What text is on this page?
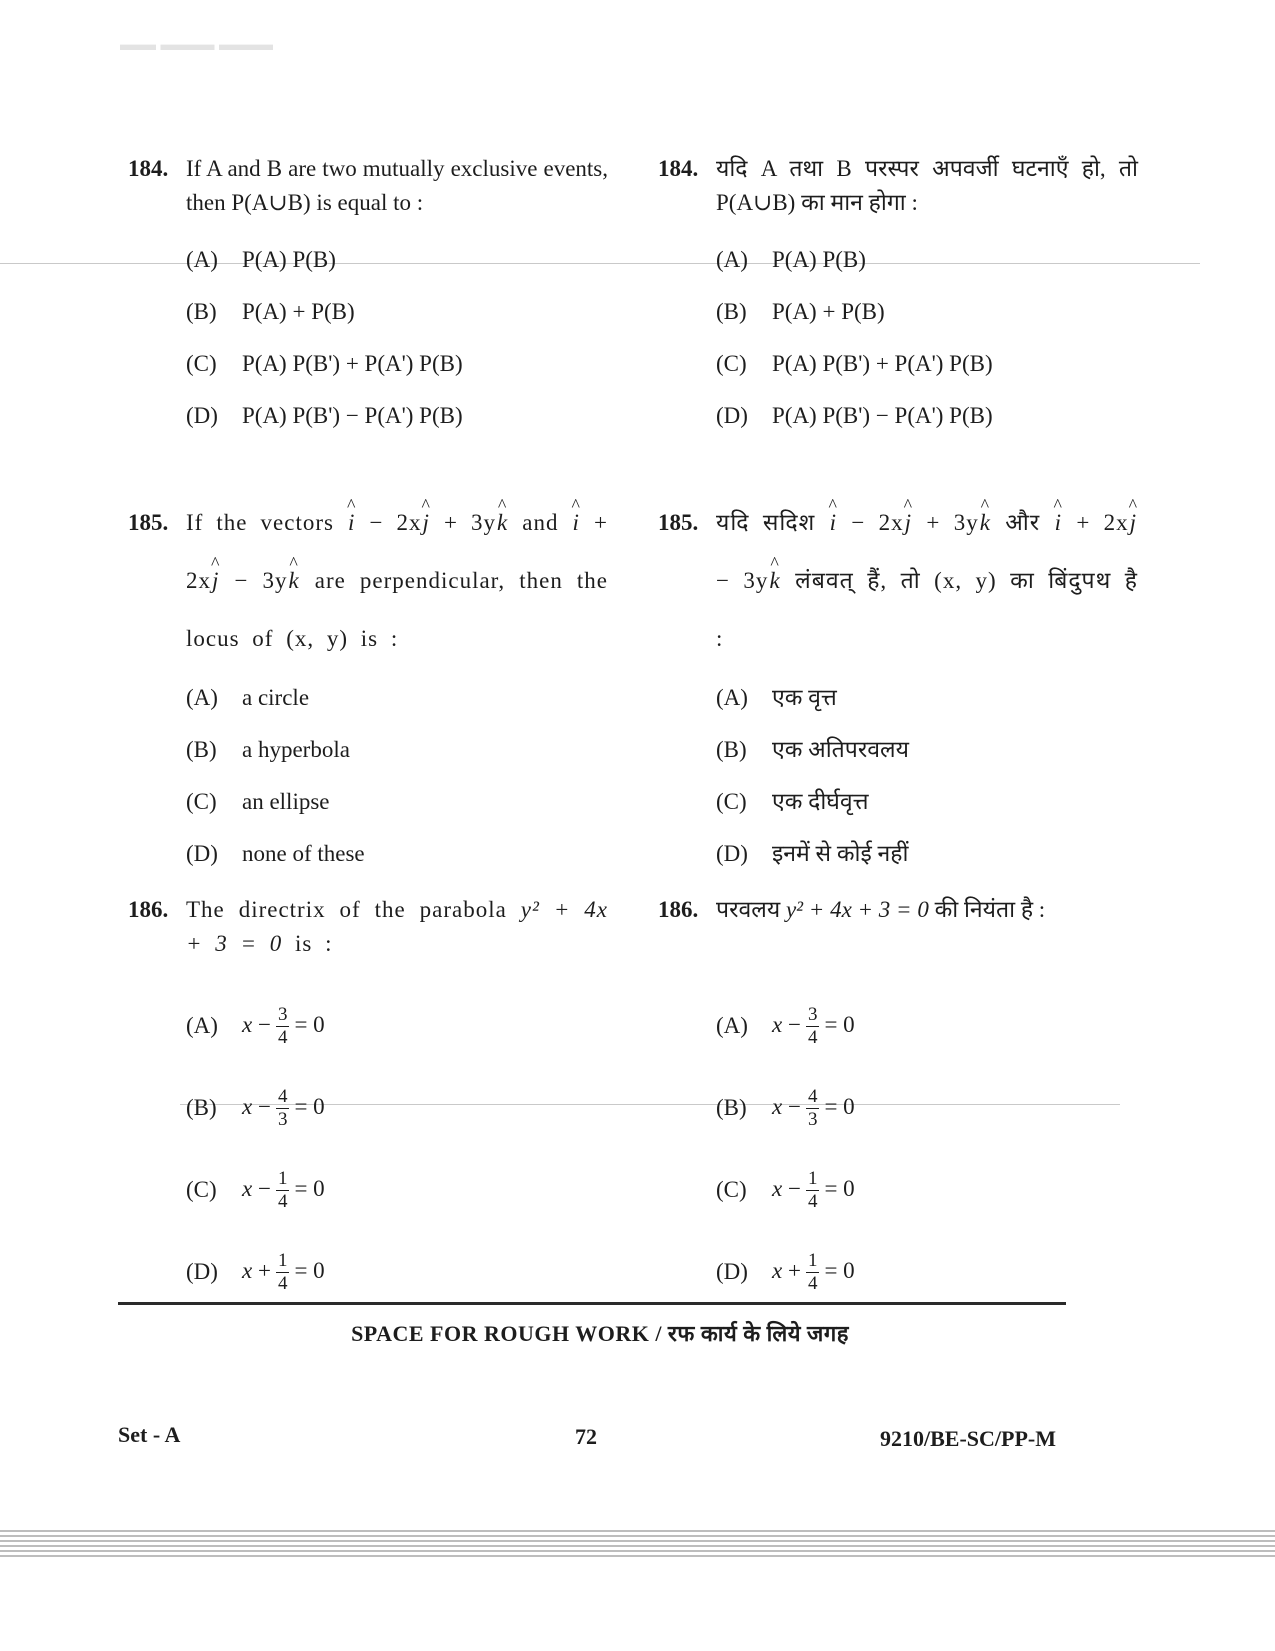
▬▬ ▬▬▬ ▬▬▬
184. If A and B are two mutually exclusive events, then P(A∪B) is equal to :
(A)	P(A) P(B)
(B)	P(A) + P(B)
(C)	P(A) P(B') + P(A') P(B)
(D)	P(A) P(B') − P(A') P(B)
184. यदि A तथा B परस्पर अपवर्जी घटनाएँ हो, तो P(A∪B) का मान होगा :
(A)	P(A) P(B)
(B)	P(A) + P(B)
(C)	P(A) P(B') + P(A') P(B)
(D)	P(A) P(B') − P(A') P(B)
185. If the vectors ^ i − 2x^ j + 3y^ k and ^ i + 2x^ j − 3y^ k are perpendicular, then the locus of (x, y) is :
(A)	a circle
(B)	a hyperbola
(C)	an ellipse
(D)	none of these
185. यदि सदिश ^ i − 2x^ j + 3y^ k और ^ i + 2x^ j − 3y^ k लंबवत् हैं, तो (x, y) का बिंदुपथ है :
(A)	एक वृत्त
(B)	एक अतिपरवलय
(C)	एक दीर्घवृत्त
(D)	इनमें से कोई नहीं
186. The directrix of the parabola y² + 4x + 3 = 0 is :
(A)	$x - \frac{3}{4} = 0$
(B)	$x - \frac{4}{3} = 0$
(C)	$x - \frac{1}{4} = 0$
(D)	$x + \frac{1}{4} = 0$
186. परवलय y² + 4x + 3 = 0 की नियंता है :
(A)	$x - \frac{3}{4} = 0$
(B)	$x - \frac{4}{3} = 0$
(C)	$x - \frac{1}{4} = 0$
(D)	$x + \frac{1}{4} = 0$
SPACE FOR ROUGH WORK / रफ कार्य के लिये जगह
Set - A	72	9210/BE-SC/PP-M
